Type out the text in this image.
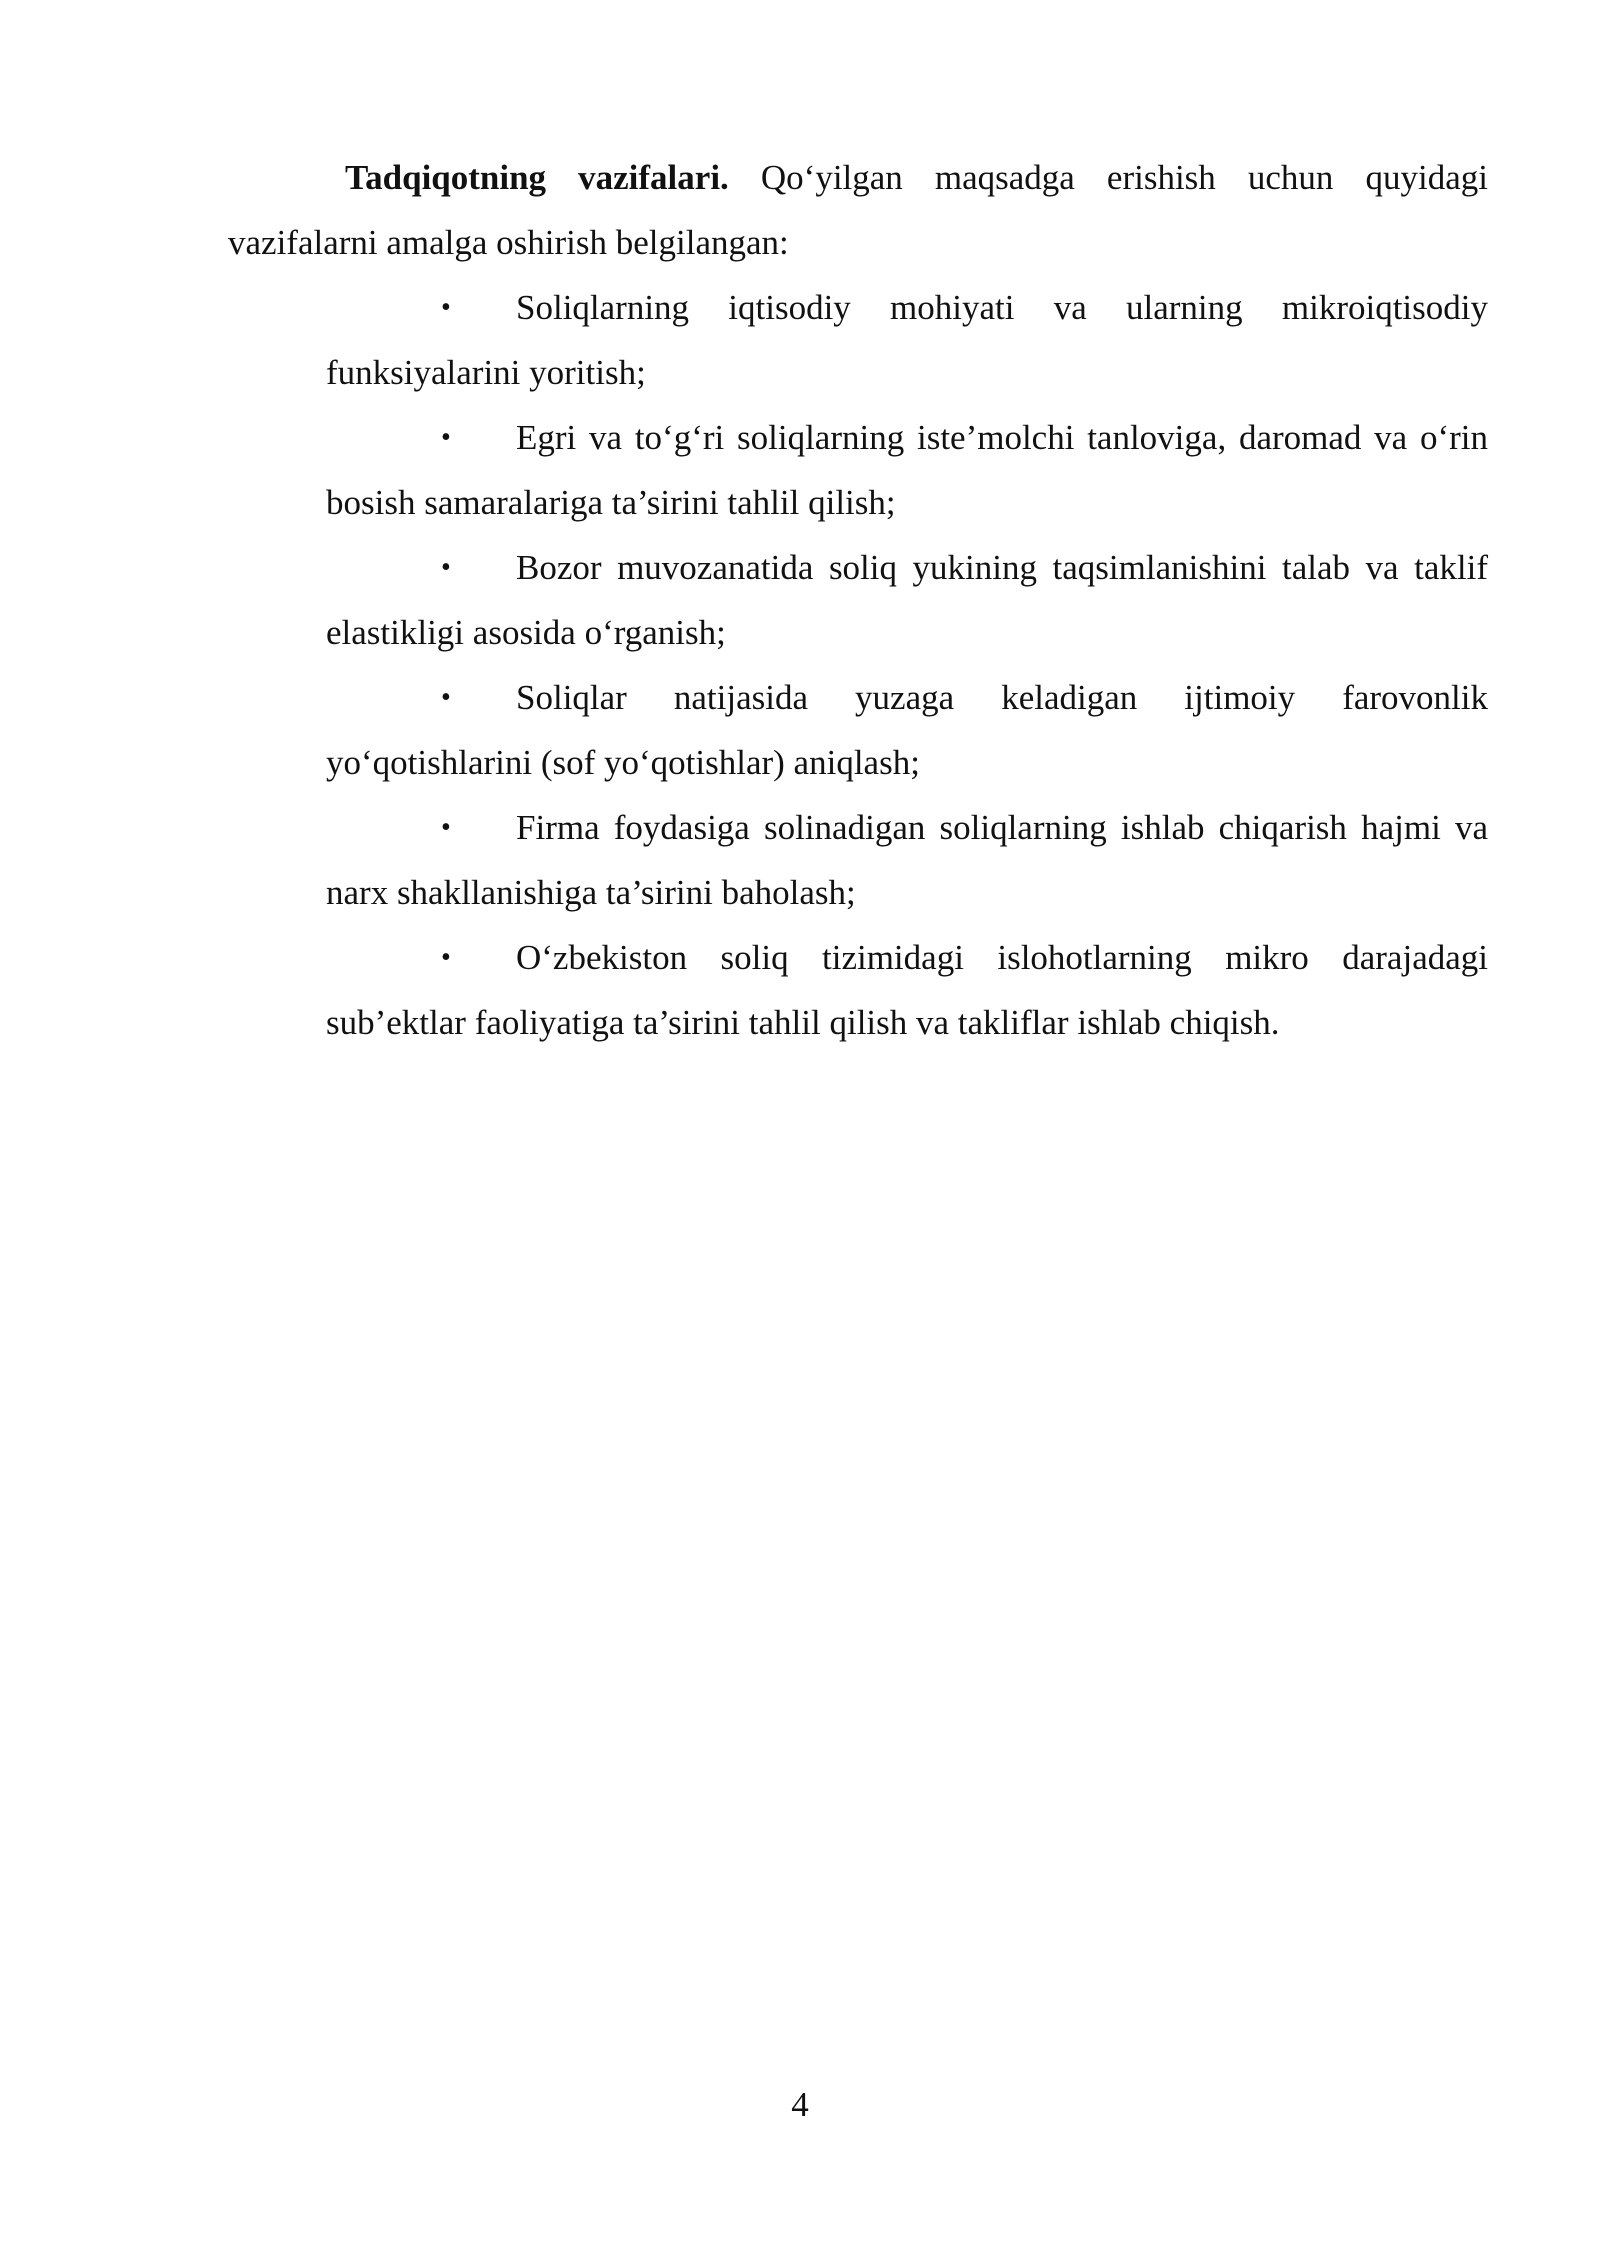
Tadqiqotning vazifalari. Qo‘yilgan maqsadga erishish uchun quyidagi vazifalarni amalga oshirish belgilangan:

• Soliqlarning iqtisodiy mohiyati va ularning mikroiqtisodiy funksiyalarini yoritish;
• Egri va to‘g‘ri soliqlarning iste’molchi tanloviga, daromad va o‘rin bosish samaralariga ta’sirini tahlil qilish;
• Bozor muvozanatida soliq yukining taqsimlanishini talab va taklif elastikligi asosida o‘rganish;
• Soliqlar natijasida yuzaga keladigan ijtimoiy farovonlik yo‘qotishlarini (sof yo‘qotishlar) aniqlash;
• Firma foydasiga solinadigan soliqlarning ishlab chiqarish hajmi va narx shakllanishiga ta’sirini baholash;
• O‘zbekiston soliq tizimidagi islohotlarning mikro darajadagi sub’ektlar faoliyatiga ta’sirini tahlil qilish va takliflar ishlab chiqish.
4
